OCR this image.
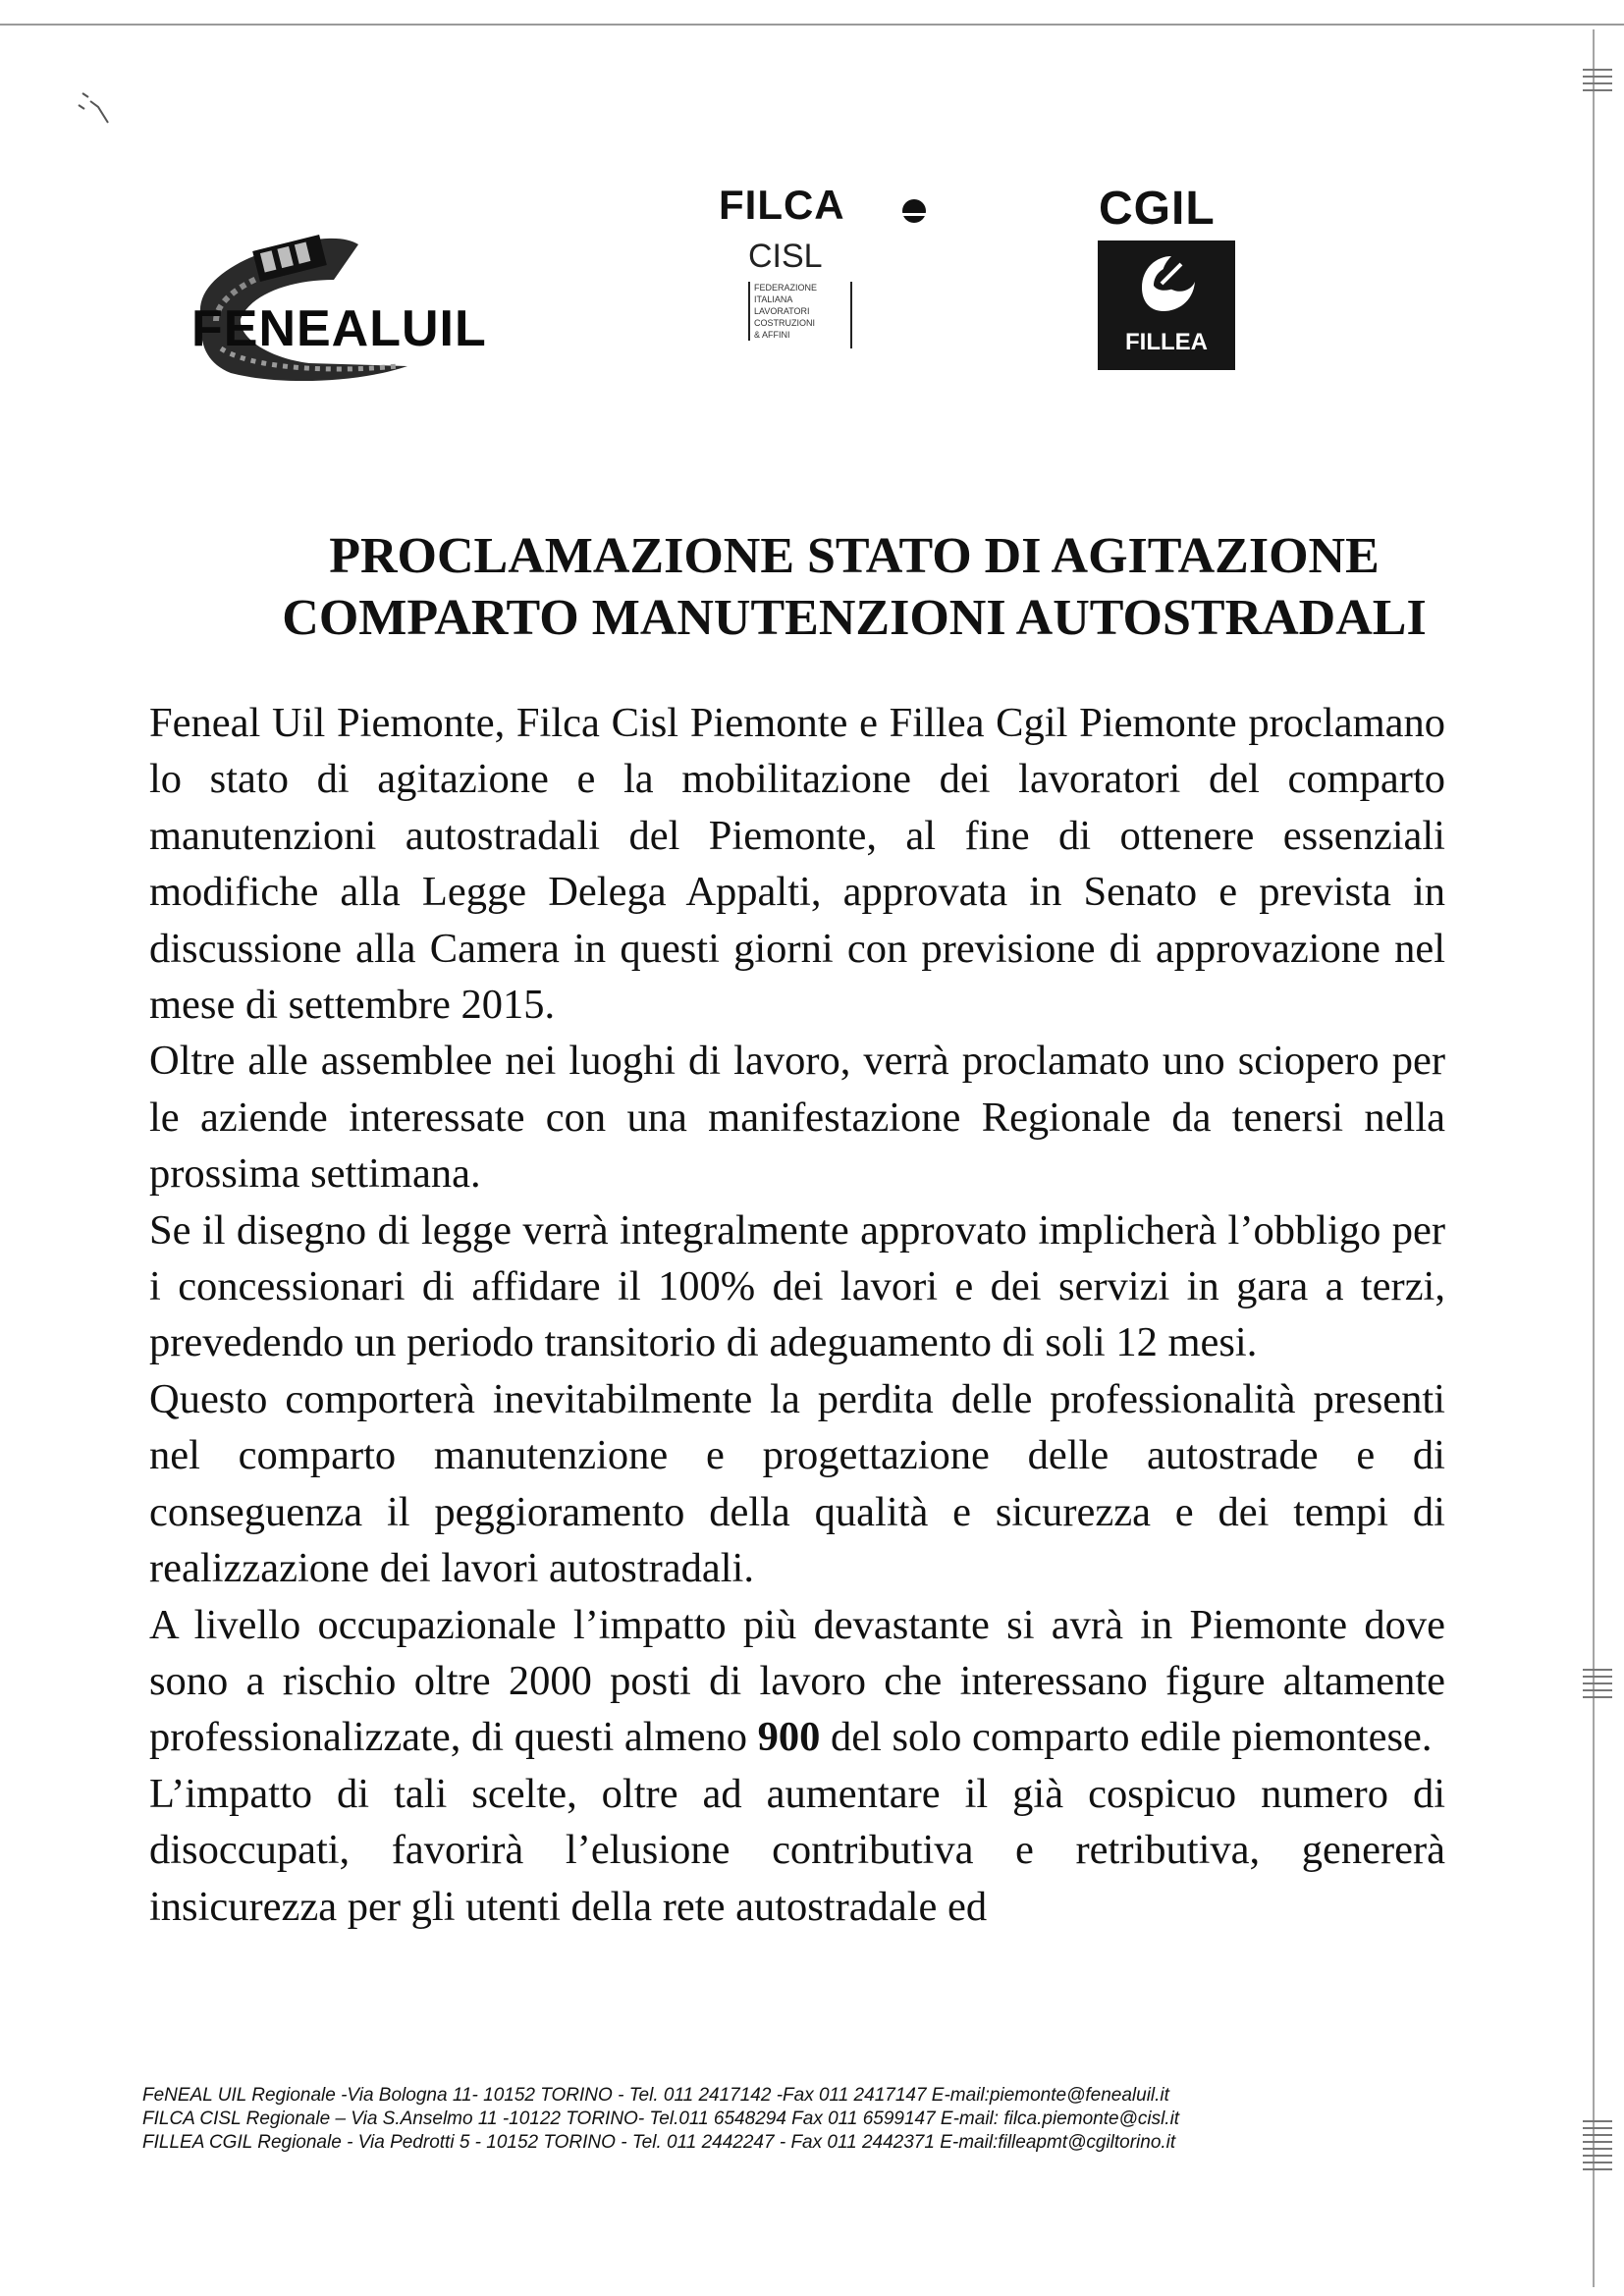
FENEALUIL
FILCA
CISL
FEDERAZIONE
ITALIANA
LAVORATORI
COSTRUZIONI
& AFFINI
CGIL
FILLEA
PROCLAMAZIONE STATO DI AGITAZIONE
COMPARTO MANUTENZIONI AUTOSTRADALI

Feneal Uil Piemonte, Filca Cisl Piemonte e Fillea Cgil Piemonte proclamano lo stato di agitazione e la mobilitazione dei lavoratori del comparto manutenzioni autostradali del Piemonte, al fine di ottenere essenziali modifiche alla Legge Delega Appalti, approvata in Senato e prevista in discussione alla Camera in questi giorni con previsione di approvazione nel mese di settembre 2015.

Oltre alle assemblee nei luoghi di lavoro, verrà proclamato uno sciopero per le aziende interessate con una manifestazione Regionale da tenersi nella prossima settimana.

Se il disegno di legge verrà integralmente approvato implicherà l’obbligo per i concessionari di affidare il 100% dei lavori e dei servizi in gara a terzi, prevedendo un periodo transitorio di adeguamento di soli 12 mesi.

Questo comporterà inevitabilmente la perdita delle professionalità presenti nel comparto manutenzione e progettazione delle autostrade e di conseguenza il peggioramento della qualità e sicurezza e dei tempi di realizzazione dei lavori autostradali.

A livello occupazionale l’impatto più devastante si avrà in Piemonte dove sono a rischio oltre 2000 posti di lavoro che interessano figure altamente professionalizzate, di questi almeno 900 del solo comparto edile piemontese.

L’impatto di tali scelte, oltre ad aumentare il già cospicuo numero di disoccupati, favorirà l’elusione contributiva e retributiva, genererà insicurezza per gli utenti della rete autostradale ed

FeNEAL UIL Regionale -Via Bologna 11- 10152 TORINO - Tel. 011 2417142 -Fax 011 2417147 E-mail:piemonte@fenealuil.it
FILCA CISL Regionale – Via S.Anselmo 11 -10122 TORINO- Tel.011 6548294 Fax 011 6599147 E-mail: filca.piemonte@cisl.it
FILLEA CGIL Regionale - Via Pedrotti 5 - 10152 TORINO - Tel. 011 2442247 - Fax 011 2442371 E-mail:filleapmt@cgiltorino.it
